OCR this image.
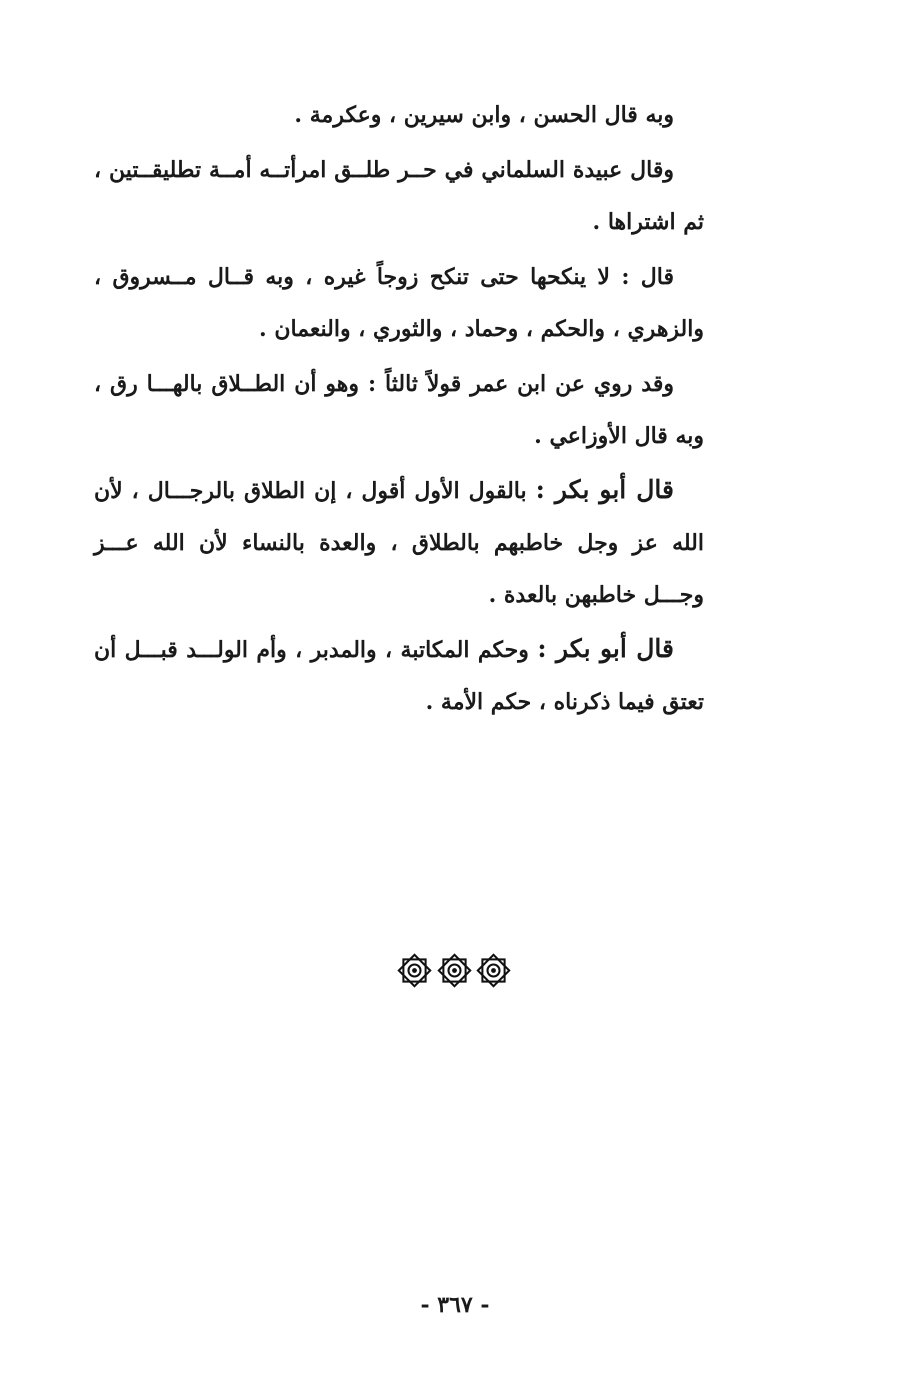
وبه قال الحسن ، وابن سيرين ، وعكرمة .

وقال عبيدة السلماني في حــر طلــق امرأتــه أمــة تطليقــتين ، ثم اشتراها .

قال : لا ينكحها حتى تنكح زوجاً غيره ، وبه قــال مــسروق ، والزهري ، والحكم ، وحماد ، والثوري ، والنعمان .

وقد روي عن ابن عمر قولاً ثالثاً : وهو أن الطــلاق بالهـــا رق ، وبه قال الأوزاعي .

قال أبو بكر : بالقول الأول أقول ، إن الطلاق بالرجـــال ، لأن الله عز وجل خاطبهم بالطلاق ، والعدة بالنساء لأن الله عـــز وجـــل خاطبهن بالعدة .

قال أبو بكر : وحكم المكاتبة ، والمدبر ، وأم الولـــد قبـــل أن تعتق فيما ذكرناه ، حكم الأمة .

- ٣٦٧ -
